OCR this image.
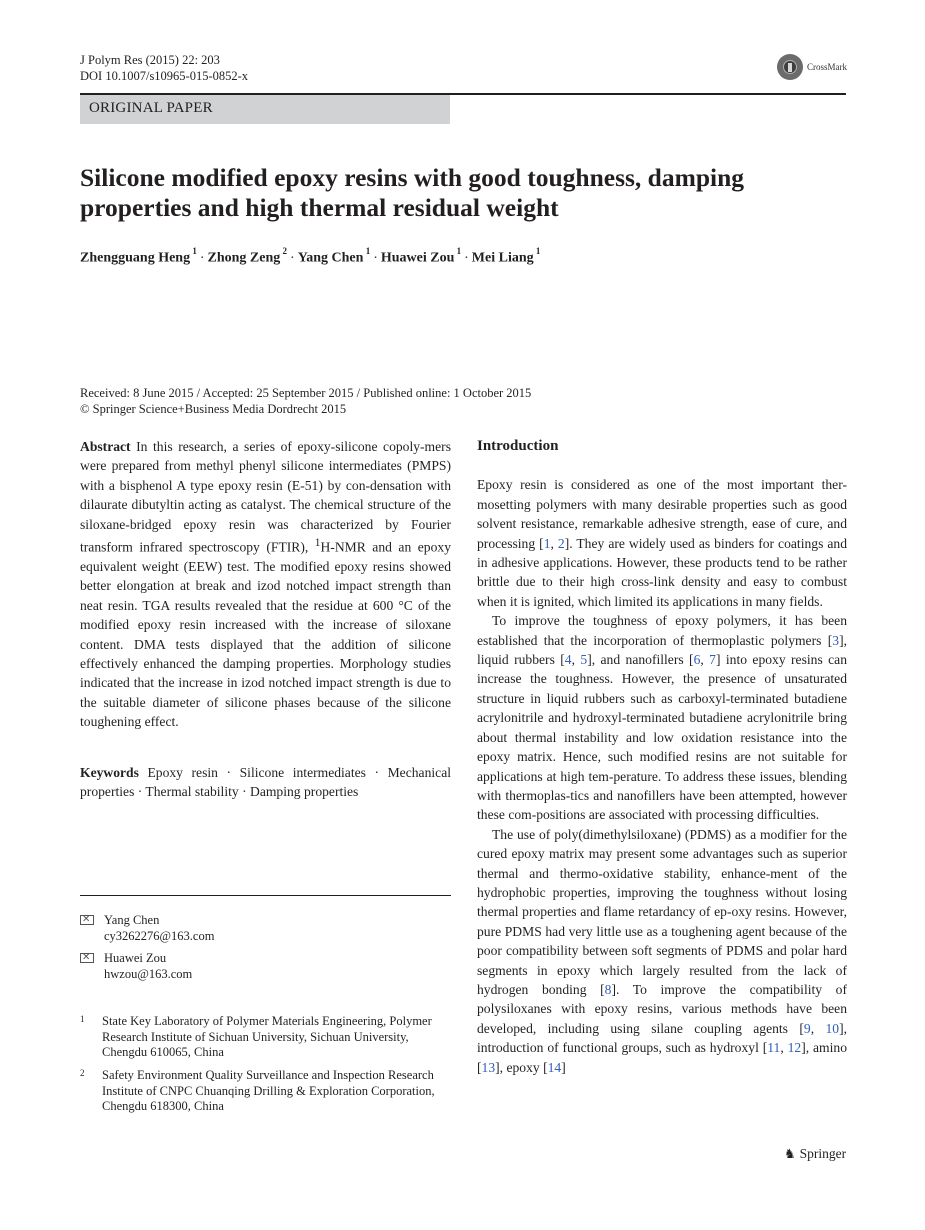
J Polym Res (2015) 22: 203
DOI 10.1007/s10965-015-0852-x
CrossMark
ORIGINAL PAPER
Silicone modified epoxy resins with good toughness, damping properties and high thermal residual weight
Zhengguang Heng $^1$ · Zhong Zeng $^2$ · Yang Chen $^1$ · Huawei Zou $^1$ · Mei Liang $^1$
Received: 8 June 2015 / Accepted: 25 September 2015 / Published online: 1 October 2015
© Springer Science+Business Media Dordrecht 2015

Abstract In this research, a series of epoxy-silicone copoly-mers were prepared from methyl phenyl silicone intermediates (PMPS) with a bisphenol A type epoxy resin (E-51) by con-densation with dilaurate dibutyltin acting as catalyst. The chemical structure of the siloxane-bridged epoxy resin was characterized by Fourier transform infrared spectroscopy (FTIR), $^1$H-NMR and an epoxy equivalent weight (EEW) test. The modified epoxy resins showed better elongation at break and izod notched impact strength than neat resin. TGA results revealed that the residue at 600 °C of the modified epoxy resin increased with the increase of siloxane content. DMA tests displayed that the addition of silicone effectively enhanced the damping properties. Morphology studies indicated that the increase in izod notched impact strength is due to the suitable diameter of silicone phases because of the silicone toughening effect.

Keywords Epoxy resin · Silicone intermediates · Mechanical properties · Thermal stability · Damping properties

✕
Yang Chen
cy3262276@163.com
✕
Huawei Zou
hwzou@163.com
1 State Key Laboratory of Polymer Materials Engineering, Polymer Research Institute of Sichuan University, Sichuan University, Chengdu 610065, China
2 Safety Environment Quality Surveillance and Inspection Research Institute of CNPC Chuanqing Drilling & Exploration Corporation, Chengdu 618300, China
Introduction

Epoxy resin is considered as one of the most important ther-mosetting polymers with many desirable properties such as good solvent resistance, remarkable adhesive strength, ease of cure, and processing [1, 2]. They are widely used as binders for coatings and in adhesive applications. However, these products tend to be rather brittle due to their high cross-link density and easy to combust when it is ignited, which limited its applications in many fields.

To improve the toughness of epoxy polymers, it has been established that the incorporation of thermoplastic polymers [3], liquid rubbers [4, 5], and nanofillers [6, 7] into epoxy resins can increase the toughness. However, the presence of unsaturated structure in liquid rubbers such as carboxyl-terminated butadiene acrylonitrile and hydroxyl-terminated butadiene acrylonitrile bring about thermal instability and low oxidation resistance into the epoxy matrix. Hence, such modified resins are not suitable for applications at high tem-perature. To address these issues, blending with thermoplas-tics and nanofillers have been attempted, however these com-positions are associated with processing difficulties.

The use of poly(dimethylsiloxane) (PDMS) as a modifier for the cured epoxy matrix may present some advantages such as superior thermal and thermo-oxidative stability, enhance-ment of the hydrophobic properties, improving the toughness without losing thermal properties and flame retardancy of ep-oxy resins. However, pure PDMS had very little use as a toughening agent because of the poor compatibility between soft segments of PDMS and polar hard segments in epoxy which largely resulted from the lack of hydrogen bonding [8]. To improve the compatibility of polysiloxanes with epoxy resins, various methods have been developed, including using silane coupling agents [9, 10], introduction of functional groups, such as hydroxyl [11, 12], amino [13], epoxy [14]

♞ Springer
